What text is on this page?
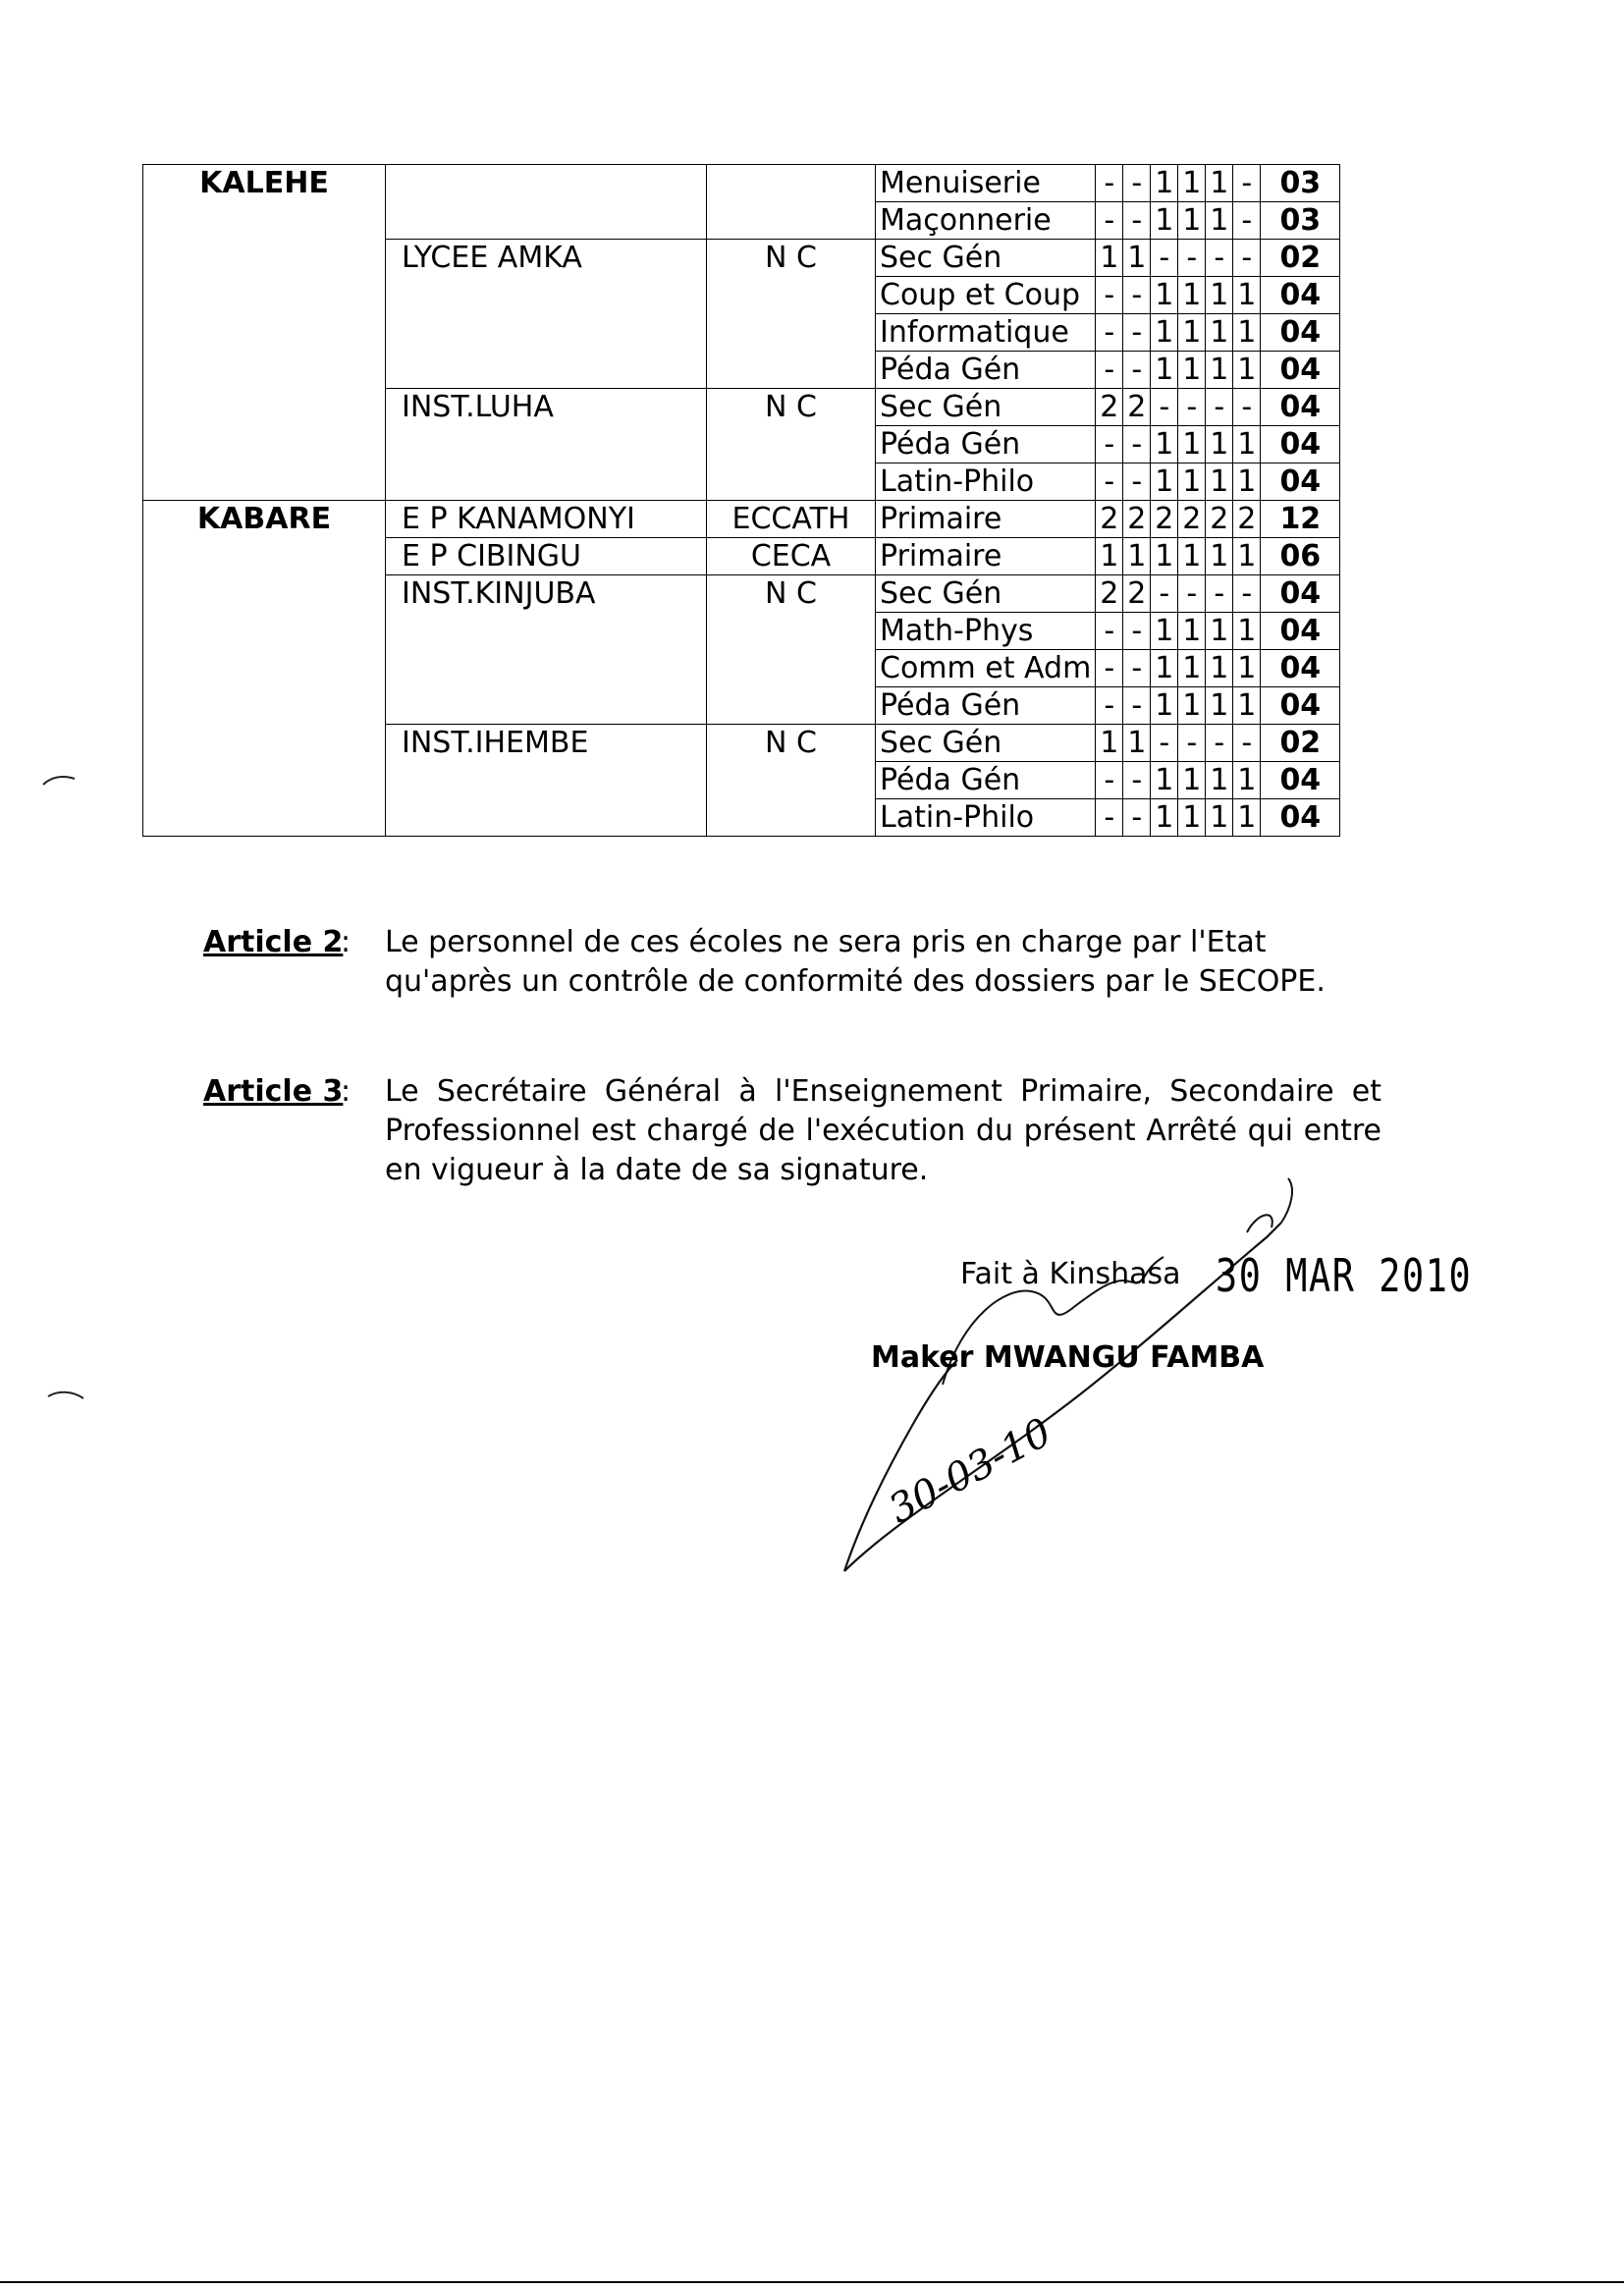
KALEHE			Menuiserie	-	-	1	1	1	-	03
			Maçonnerie	-	-	1	1	1	-	03
	LYCEE AMKA	N C	Sec Gén	1	1	-	-	-	-	02
			Coup et Coup	-	-	1	1	1	1	04
			Informatique	-	-	1	1	1	1	04
			Péda Gén	-	-	1	1	1	1	04
	INST.LUHA	N C	Sec Gén	2	2	-	-	-	-	04
			Péda Gén	-	-	1	1	1	1	04
			Latin-Philo	-	-	1	1	1	1	04
KABARE	E P KANAMONYI	ECCATH	Primaire	2	2	2	2	2	2	12
	E P CIBINGU	CECA	Primaire	1	1	1	1	1	1	06
	INST.KINJUBA	N C	Sec Gén	2	2	-	-	-	-	04
			Math-Phys	-	-	1	1	1	1	04
			Comm et Adm	-	-	1	1	1	1	04
			Péda Gén	-	-	1	1	1	1	04
	INST.IHEMBE	N C	Sec Gén	1	1	-	-	-	-	02
			Péda Gén	-	-	1	1	1	1	04
			Latin-Philo	-	-	1	1	1	1	04
Article 2
: Le personnel de ces écoles ne sera pris en charge par l'Etat qu'après un contrôle de conformité des dossiers par le SECOPE.
Article 3
: Le Secrétaire Général à l'Enseignement Primaire, Secondaire et Professionnel est chargé de l'exécution du présent Arrêté qui entre en vigueur à la date de sa signature.
Fait à Kinshasa 30 MAR 2010
Maker MWANGU FAMBA
30-03-10
